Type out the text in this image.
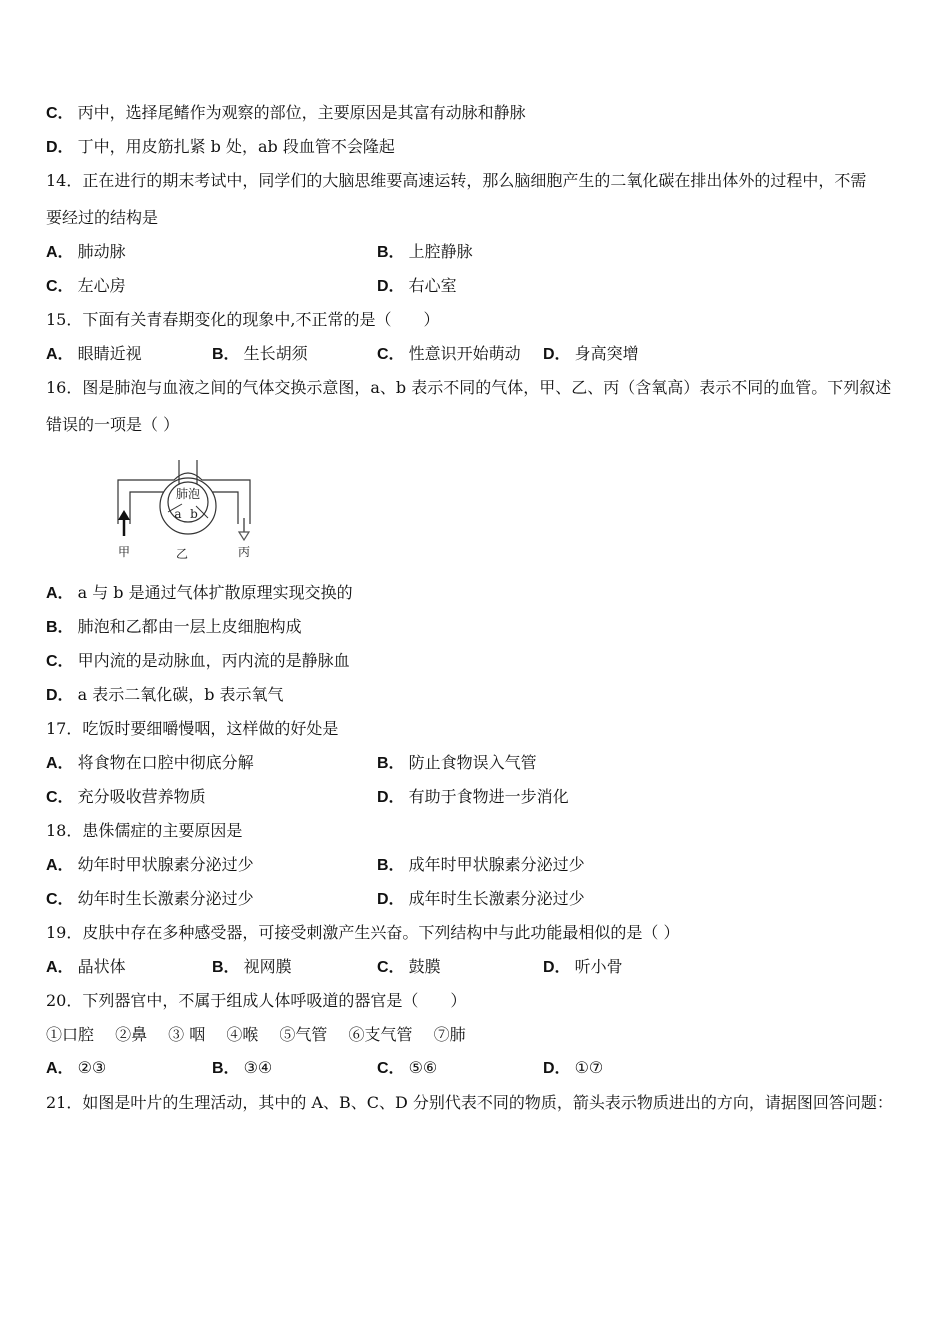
C． 丙中，选择尾鳍作为观察的部位，主要原因是其富有动脉和静脉
D． 丁中，用皮筋扎紧 b 处，ab 段血管不会隆起
14．正在进行的期末考试中，同学们的大脑思维要高速运转，那么脑细胞产生的二氧化碳在排出体外的过程中，不需
要经过的结构是
A． 肺动脉	B． 上腔静脉
C． 左心房	D． 右心室
15．下面有关青春期变化的现象中,不正常的是（　　）
A． 眼睛近视	B． 生长胡须	C． 性意识开始萌动 D． 身高突增
16．图是肺泡与血液之间的气体交换示意图，a、b 表示不同的气体，甲、乙、丙（含氧高）表示不同的血管。下列叙述
错误的一项是（ ）
肺泡
a b
甲	乙	丙
A． a 与 b 是通过气体扩散原理实现交换的
B． 肺泡和乙都由一层上皮细胞构成
C． 甲内流的是动脉血，丙内流的是静脉血
D． a 表示二氧化碳，b 表示氧气
17．吃饭时要细嚼慢咽，这样做的好处是
A． 将食物在口腔中彻底分解	B． 防止食物误入气管
C． 充分吸收营养物质	D． 有助于食物进一步消化
18．患侏儒症的主要原因是
A． 幼年时甲状腺素分泌过少	B． 成年时甲状腺素分泌过少
C． 幼年时生长激素分泌过少	D． 成年时生长激素分泌过少
19．皮肤中存在多种感受器，可接受刺激产生兴奋。下列结构中与此功能最相似的是（ ）
A． 晶状体	B． 视网膜	C． 鼓膜	D． 听小骨
20．下列器官中，不属于组成人体呼吸道的器官是（　　）
①口腔　 ②鼻　 ③ 咽　 ④喉　 ⑤气管　 ⑥支气管　 ⑦肺
A． ②③	B． ③④	C． ⑤⑥	D． ①⑦
21．如图是叶片的生理活动，其中的 A、B、C、D 分别代表不同的物质，箭头表示物质进出的方向，请据图回答问题：
